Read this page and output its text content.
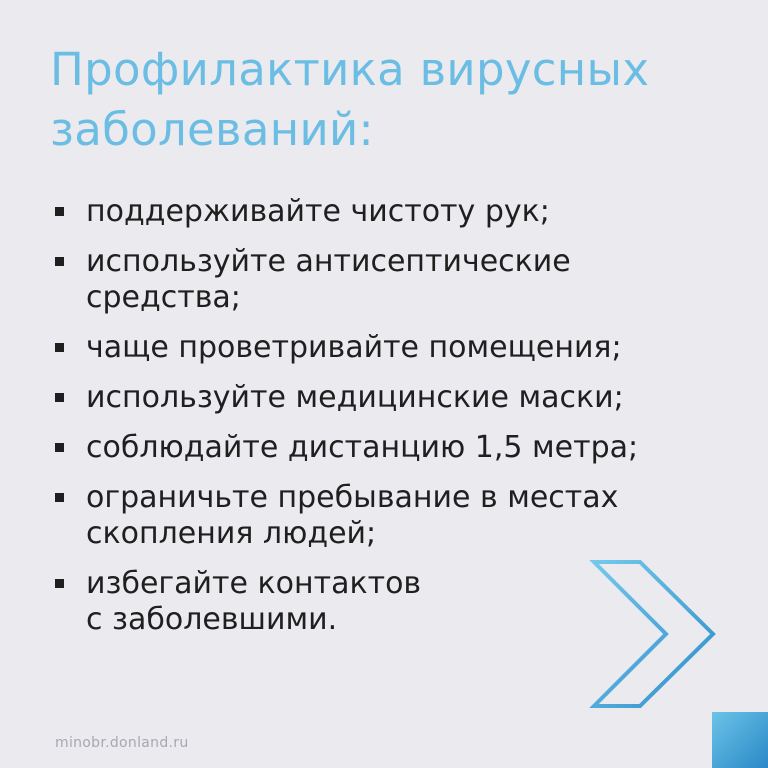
Профилактика вирусных
заболеваний:
поддерживайте чистоту рук;
используйте антисептические
средства;
чаще проветривайте помещения;
используйте медицинские маски;
соблюдайте дистанцию 1,5 метра;
ограничьте пребывание в местах
скопления людей;
избегайте контактов
с заболевшими.
minobr.donland.ru
